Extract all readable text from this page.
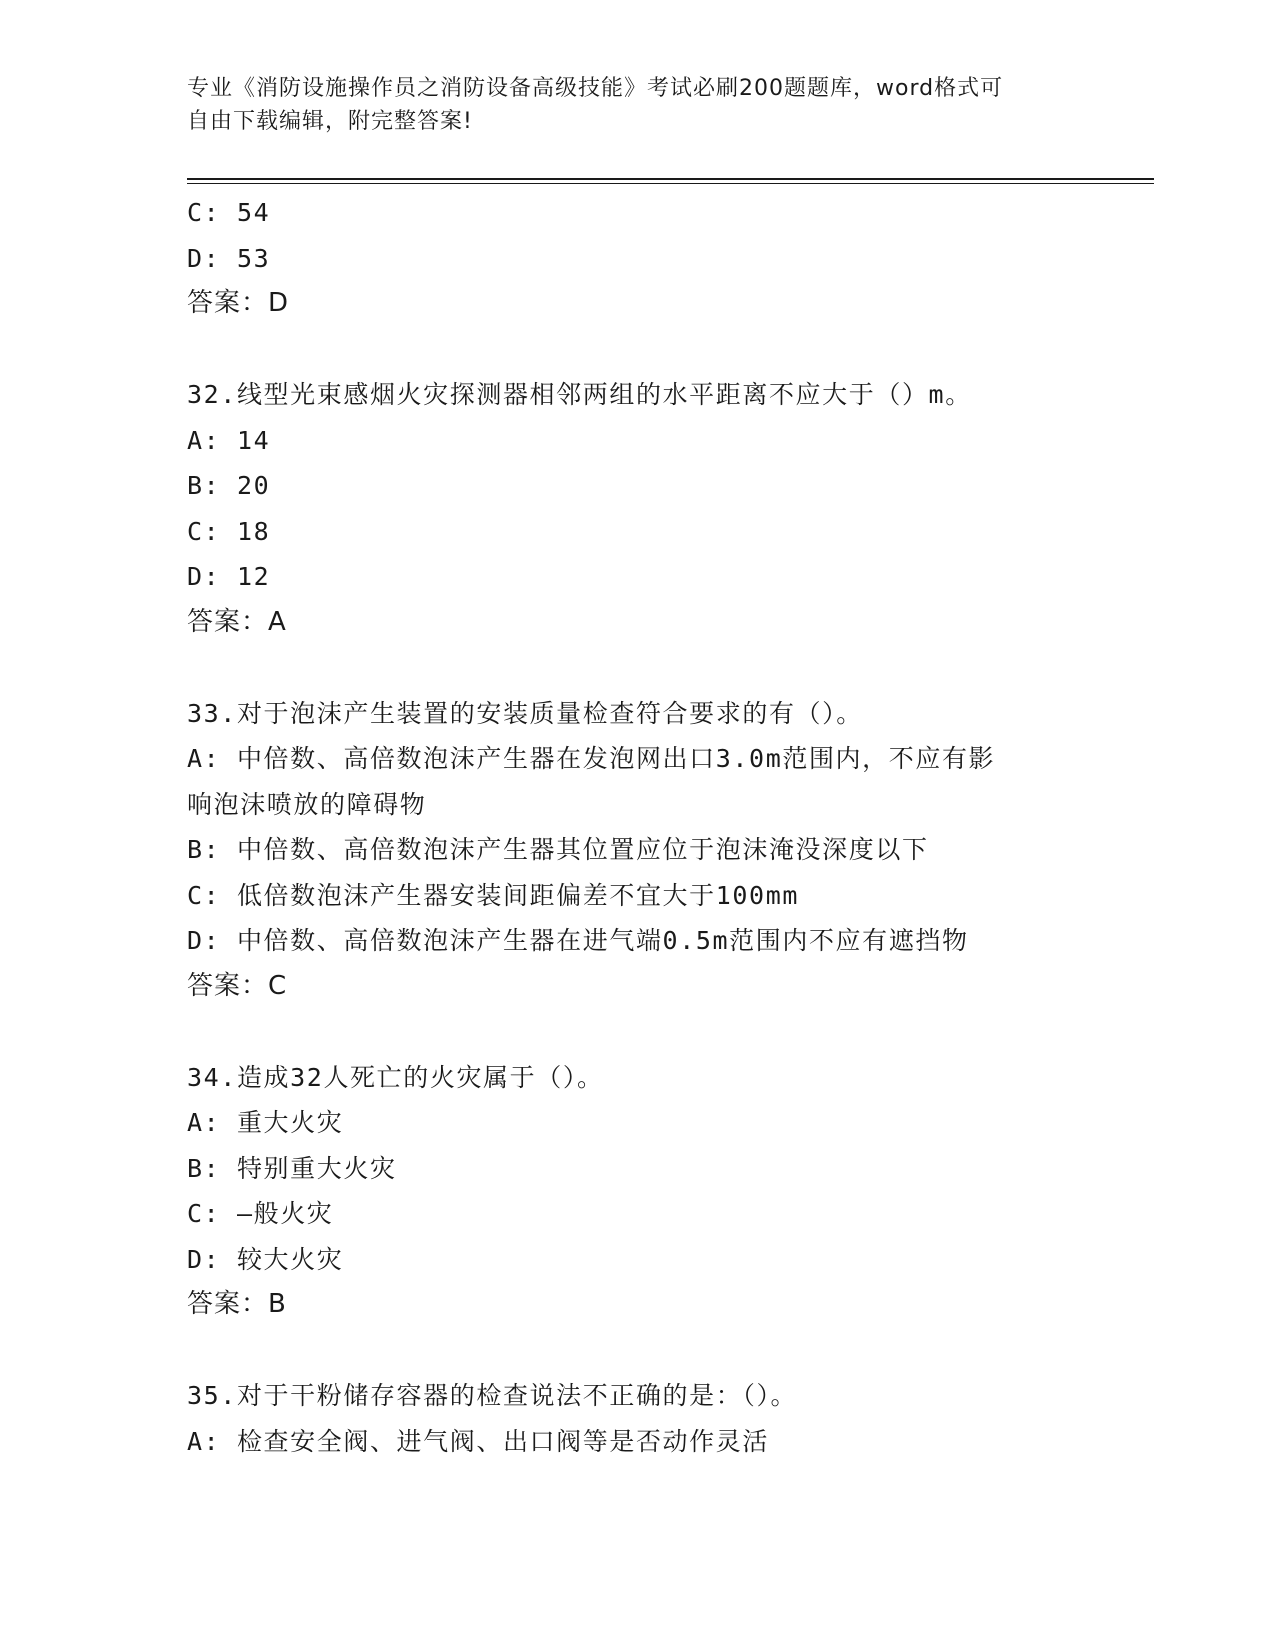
专业《消防设施操作员之消防设备高级技能》考试必刷200题题库，word格式可
自由下载编辑，附完整答案!
C: 54
D: 53
答案：D
32.线型光束感烟火灾探测器相邻两组的水平距离不应大于（）m。
A: 14
B: 20
C: 18
D: 12
答案：A
33.对于泡沫产生装置的安装质量检查符合要求的有（）。
A: 中倍数、高倍数泡沫产生器在发泡网出口3.0m范围内，不应有影
响泡沫喷放的障碍物
B: 中倍数、高倍数泡沫产生器其位置应位于泡沫淹没深度以下
C: 低倍数泡沫产生器安装间距偏差不宜大于100mm
D: 中倍数、高倍数泡沫产生器在进气端0.5m范围内不应有遮挡物
答案：C
34.造成32人死亡的火灾属于（）。
A: 重大火灾
B: 特别重大火灾
C: —般火灾
D: 较大火灾
答案：B
35.对于干粉储存容器的检查说法不正确的是：（）。
A: 检查安全阀、进气阀、出口阀等是否动作灵活
